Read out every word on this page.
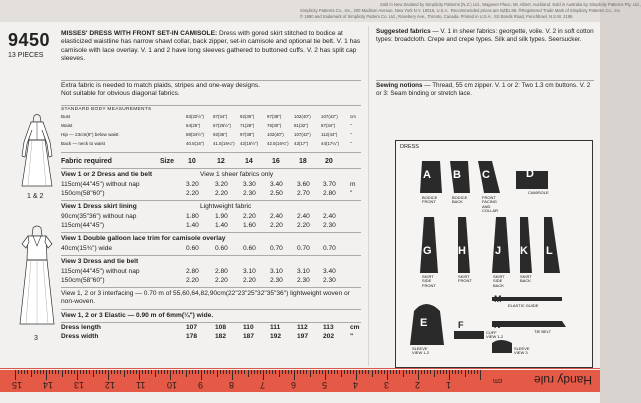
Sold in New Zealand by Simplicity Patterns (N.Z.) Ltd., Wagener Place, Mt. Albert, Auckland. Sold in Australia by Simplicity Patterns Pty. Ltd.,
Simplicity Patterns Co., Inc., 200 Madison Avenue, New York N.Y. 10016, U.S.A.  Recommended prices are NZ$1.98. ®Registered Trade Mark of Simplicity Patterns Co., Inc.
© 1980 and trademark of Simplicity Pattern Co. Ltd., Rosebery Ave., Toronto, Canada. Printed in U.S.A.  SS Bonds Road, Punchbowl, N.S.W. 2196
9450
13 PIECES
MISSES' DRESS WITH FRONT SET-IN CAMISOLE: Dress with gored skirt stitched to bodice at elasticized waistline has narrow shawl collar, back zipper, set-in camisole and optional tie belt. V. 1 has camisole with lace overlay. V. 1 and 2 have long sleeves gathered to buttoned cuffs. V. 2 has split cap sleeves.
Extra fabric is needed to match plaids, stripes and one-way designs.
Not suitable for obvious diagonal fabrics.
STANDARD BODY MEASUREMENTS
Bust	83(32½") 87(34")	92(36")	97(38")	102(40") 107(42")	cm
Waist	64(25")	67(26½") 71(28")	76(30")	81(32")	87(34")	"
Hip — 23cm(9") below waist	88(34½") 92(36")	97(38")	102(40") 107(42") 112(44")	"
Back — neck to waist	40.5(16") 41.5(16¼") 42(16½") 42.5(16¾") 43(17")	44(17¼")	"
Fabric required	Size 10	12	14	16	18	20
View 1 or 2 Dress and tie belt	View 1 sheer fabrics only
115cm(44"45") without nap	3.20	3.20	3.30	3.40	3.60	3.70	m
150cm(58"60")	2.20	2.20	2.30	2.50	2.70	2.80	"
View 1 Dress skirt lining	Lightweight fabric
90cm(35"36") without nap	1.80	1.90	2.20	2.40	2.40	2.40
115cm(44"45")	1.40	1.40	1.60	2.20	2.20	2.30
View 1 Double galloon lace trim for camisole overlay
40cm(15¾") wide	0.60	0.60	0.60	0.70	0.70	0.70
View 3 Dress and tie belt
115cm(44"45") without nap	2.80	2.80	3.10	3.10	3.10	3.40
150cm(58"60")	2.20	2.20	2.20	2.30	2.30	2.30
View 1, 2 or 3 interfacing — 0.70 m of 55,60,64,82,90cm(22"23"25"32"35"36") lightweight woven or non-woven.
View 1, 2 or 3 Elastic — 0.90 m of 6mm(¼") wide.
Dress length	107	108	110	111	112	113	cm
Dress width	178	182	187	192	197	202	"
1 & 2
3
Suggested fabrics — V. 1 in sheer fabrics: georgette, voile. V. 2 in soft cotton types: broadcloth. Crepe and crepe types. Silk and silk types. Seersucker.
Sewing notions — Thread, 55 cm zipper. V. 1 or 2: Two 1.3 cm buttons. V. 2 or 3: Seam binding or stretch lace.
DRESS
A
BODICE
FRONT
B
BODICE
BACK
C
FRONT
FACING
AND
COLLAR
D
CAMISOLE
G
SKIRT
SIDE
FRONT
H
SKIRT
FRONT
J
SKIRT
SIDE
BACK
K
SKIRT
BACK
L
E
SLEEVE
VIEW 1-2
F
CUFF
VIEW 1-2
M
ELASTIC GUIDE
N
TIE BELT
P	SLEEVE
VIEW 3
15 14 13 12 11 10 9	8	7	6	5	4	3	2	1	Handy rule
cm
